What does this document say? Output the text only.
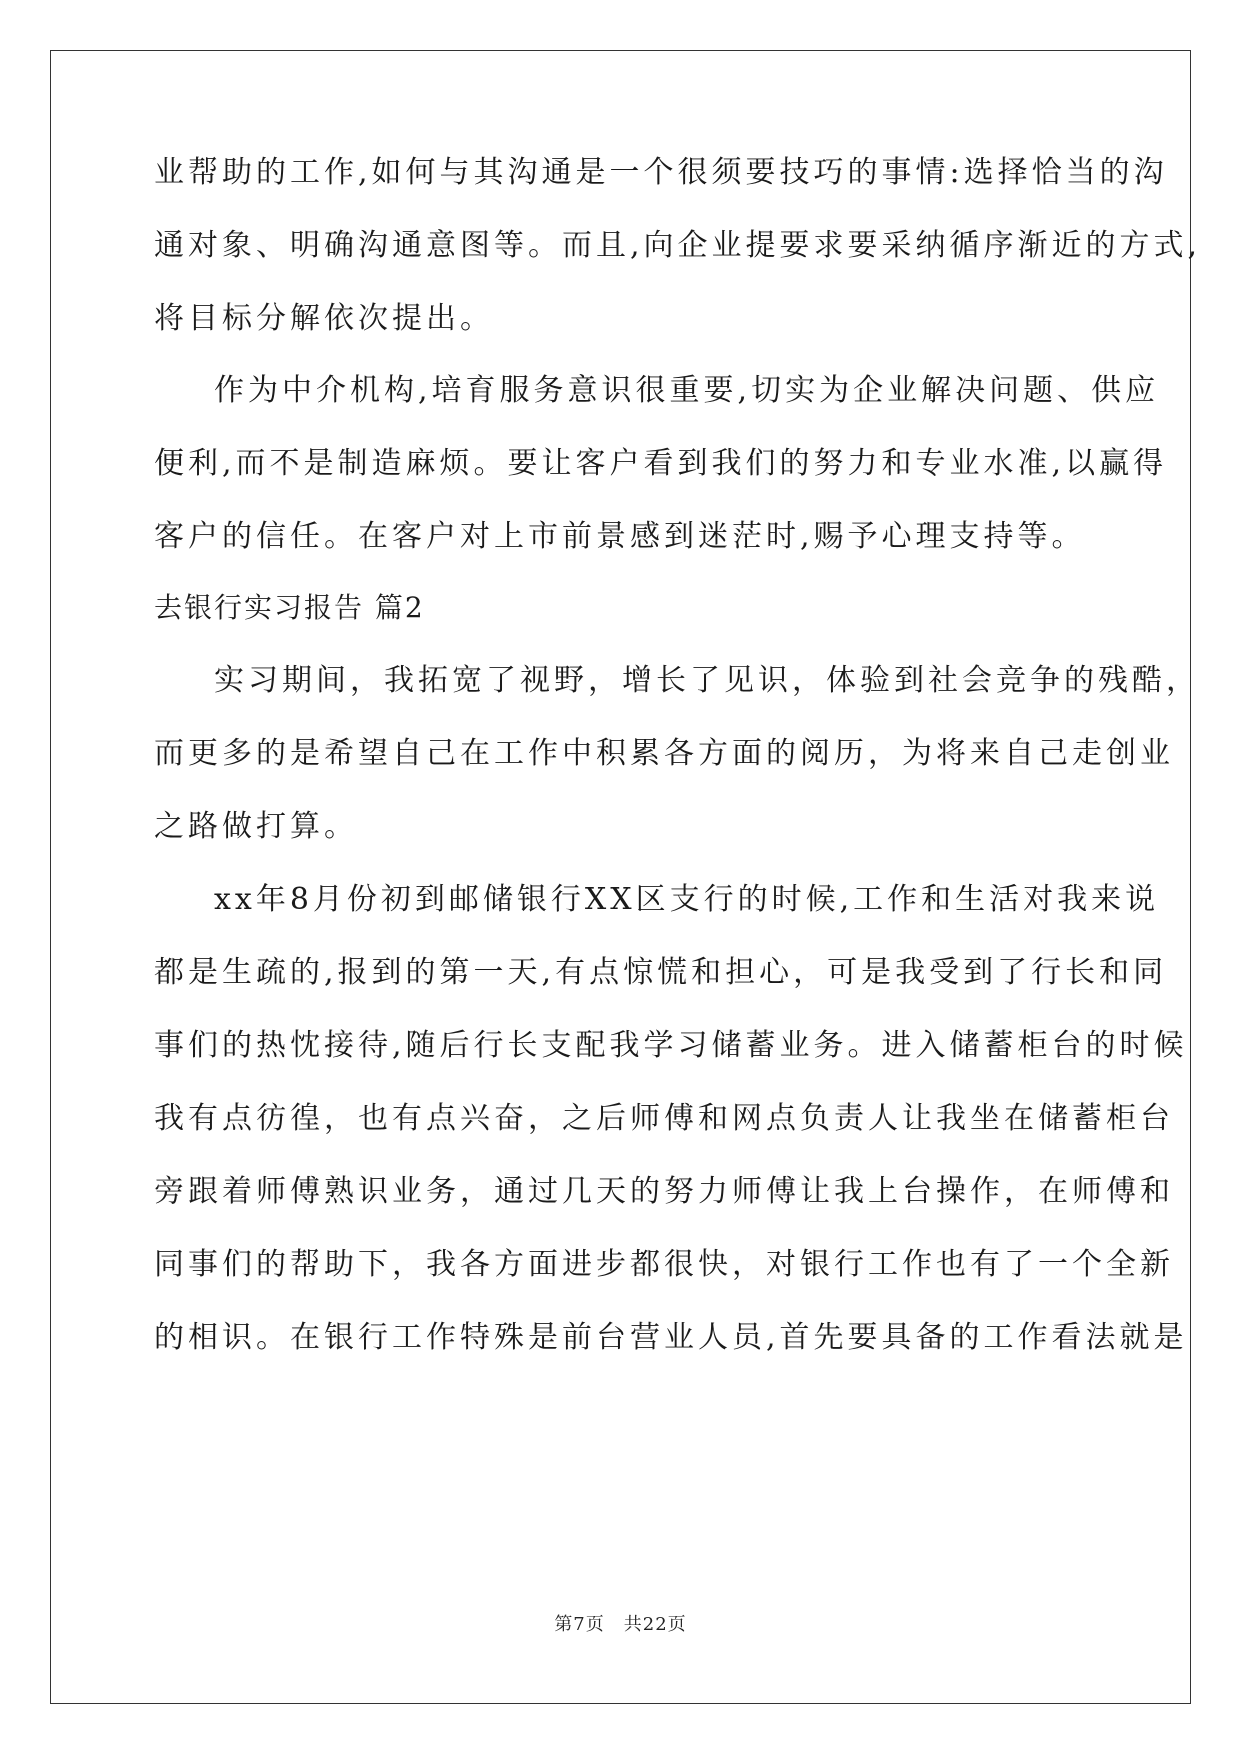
业帮助的工作,如何与其沟通是一个很须要技巧的事情:选择恰当的沟
通对象、明确沟通意图等。而且,向企业提要求要采纳循序渐近的方式,
将目标分解依次提出。
作为中介机构,培育服务意识很重要,切实为企业解决问题、供应
便利,而不是制造麻烦。要让客户看到我们的努力和专业水准,以赢得
客户的信任。在客户对上市前景感到迷茫时,赐予心理支持等。
去银行实习报告 篇2
实习期间，我拓宽了视野，增长了见识，体验到社会竞争的残酷，
而更多的是希望自己在工作中积累各方面的阅历，为将来自己走创业
之路做打算。
xx年8月份初到邮储银行XX区支行的时候,工作和生活对我来说
都是生疏的,报到的第一天,有点惊慌和担心，可是我受到了行长和同
事们的热忱接待,随后行长支配我学习储蓄业务。进入储蓄柜台的时候
我有点彷徨，也有点兴奋，之后师傅和网点负责人让我坐在储蓄柜台
旁跟着师傅熟识业务，通过几天的努力师傅让我上台操作，在师傅和
同事们的帮助下，我各方面进步都很快，对银行工作也有了一个全新
的相识。在银行工作特殊是前台营业人员,首先要具备的工作看法就是
第7页　共22页
